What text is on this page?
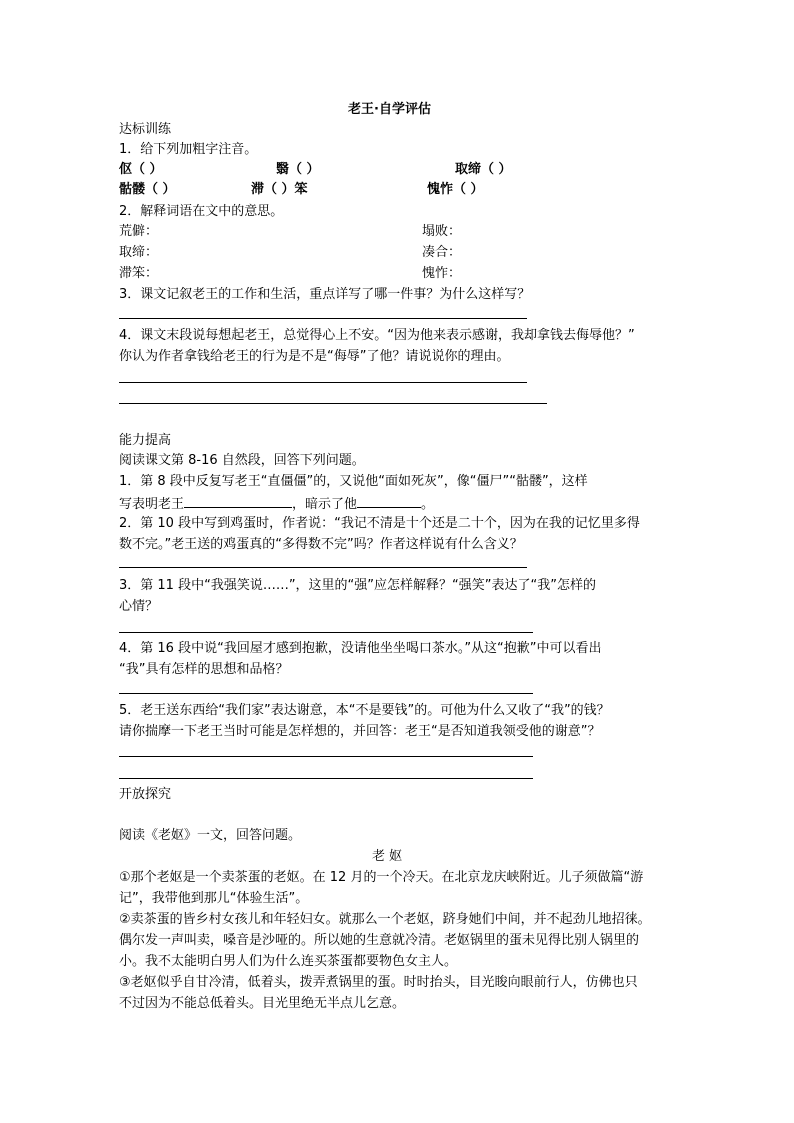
老王·自学评估
达标训练
1．给下列加粗字注音。
伛（ ）	翳（ ）	取缔（ ）
骷髅（ ）	滞（ ）笨	愧怍（ ）
2．解释词语在文中的意思。
荒僻：	塌败：
取缔：	凑合：
滞笨：	愧怍：
3．课文记叙老王的工作和生活，重点详写了哪一件事？为什么这样写？
4．课文末段说每想起老王，总觉得心上不安。“因为他来表示感谢，我却拿钱去侮辱他？”
你认为作者拿钱给老王的行为是不是“侮辱”了他？请说说你的理由。
能力提高
阅读课文第 8-16 自然段，回答下列问题。
1．第 8 段中反复写老王“直僵僵”的，又说他“面如死灰”，像“僵尸”“骷髅”，这样
写表明老王	，暗示了他	。
2．第 10 段中写到鸡蛋时，作者说：“我记不清是十个还是二十个，因为在我的记忆里多得
数不完。”老王送的鸡蛋真的“多得数不完”吗？作者这样说有什么含义？
3．第 11 段中“我强笑说……”，这里的“强”应怎样解释？“强笑”表达了“我”怎样的
心情？
4．第 16 段中说“我回屋才感到抱歉，没请他坐坐喝口茶水。”从这“抱歉”中可以看出
“我”具有怎样的思想和品格？
5．老王送东西给“我们家”表达谢意，本“不是要钱”的。可他为什么又收了“我”的钱？
请你揣摩一下老王当时可能是怎样想的，并回答：老王“是否知道我领受他的谢意”？
开放探究
阅读《老妪》一文，回答问题。
老 妪
①那个老妪是一个卖茶蛋的老妪。在 12 月的一个冷天。在北京龙庆峡附近。儿子须做篇“游
记”，我带他到那儿“体验生活”。
②卖茶蛋的皆乡村女孩儿和年轻妇女。就那么一个老妪，跻身她们中间，并不起劲儿地招徕。
偶尔发一声叫卖，嗓音是沙哑的。所以她的生意就冷清。老妪锅里的蛋未见得比别人锅里的
小。我不太能明白男人们为什么连买茶蛋都要物色女主人。
③老妪似乎自甘冷清，低着头，拨弄煮锅里的蛋。时时抬头，目光睃向眼前行人，仿佛也只
不过因为不能总低着头。目光里绝无半点儿乞意。
